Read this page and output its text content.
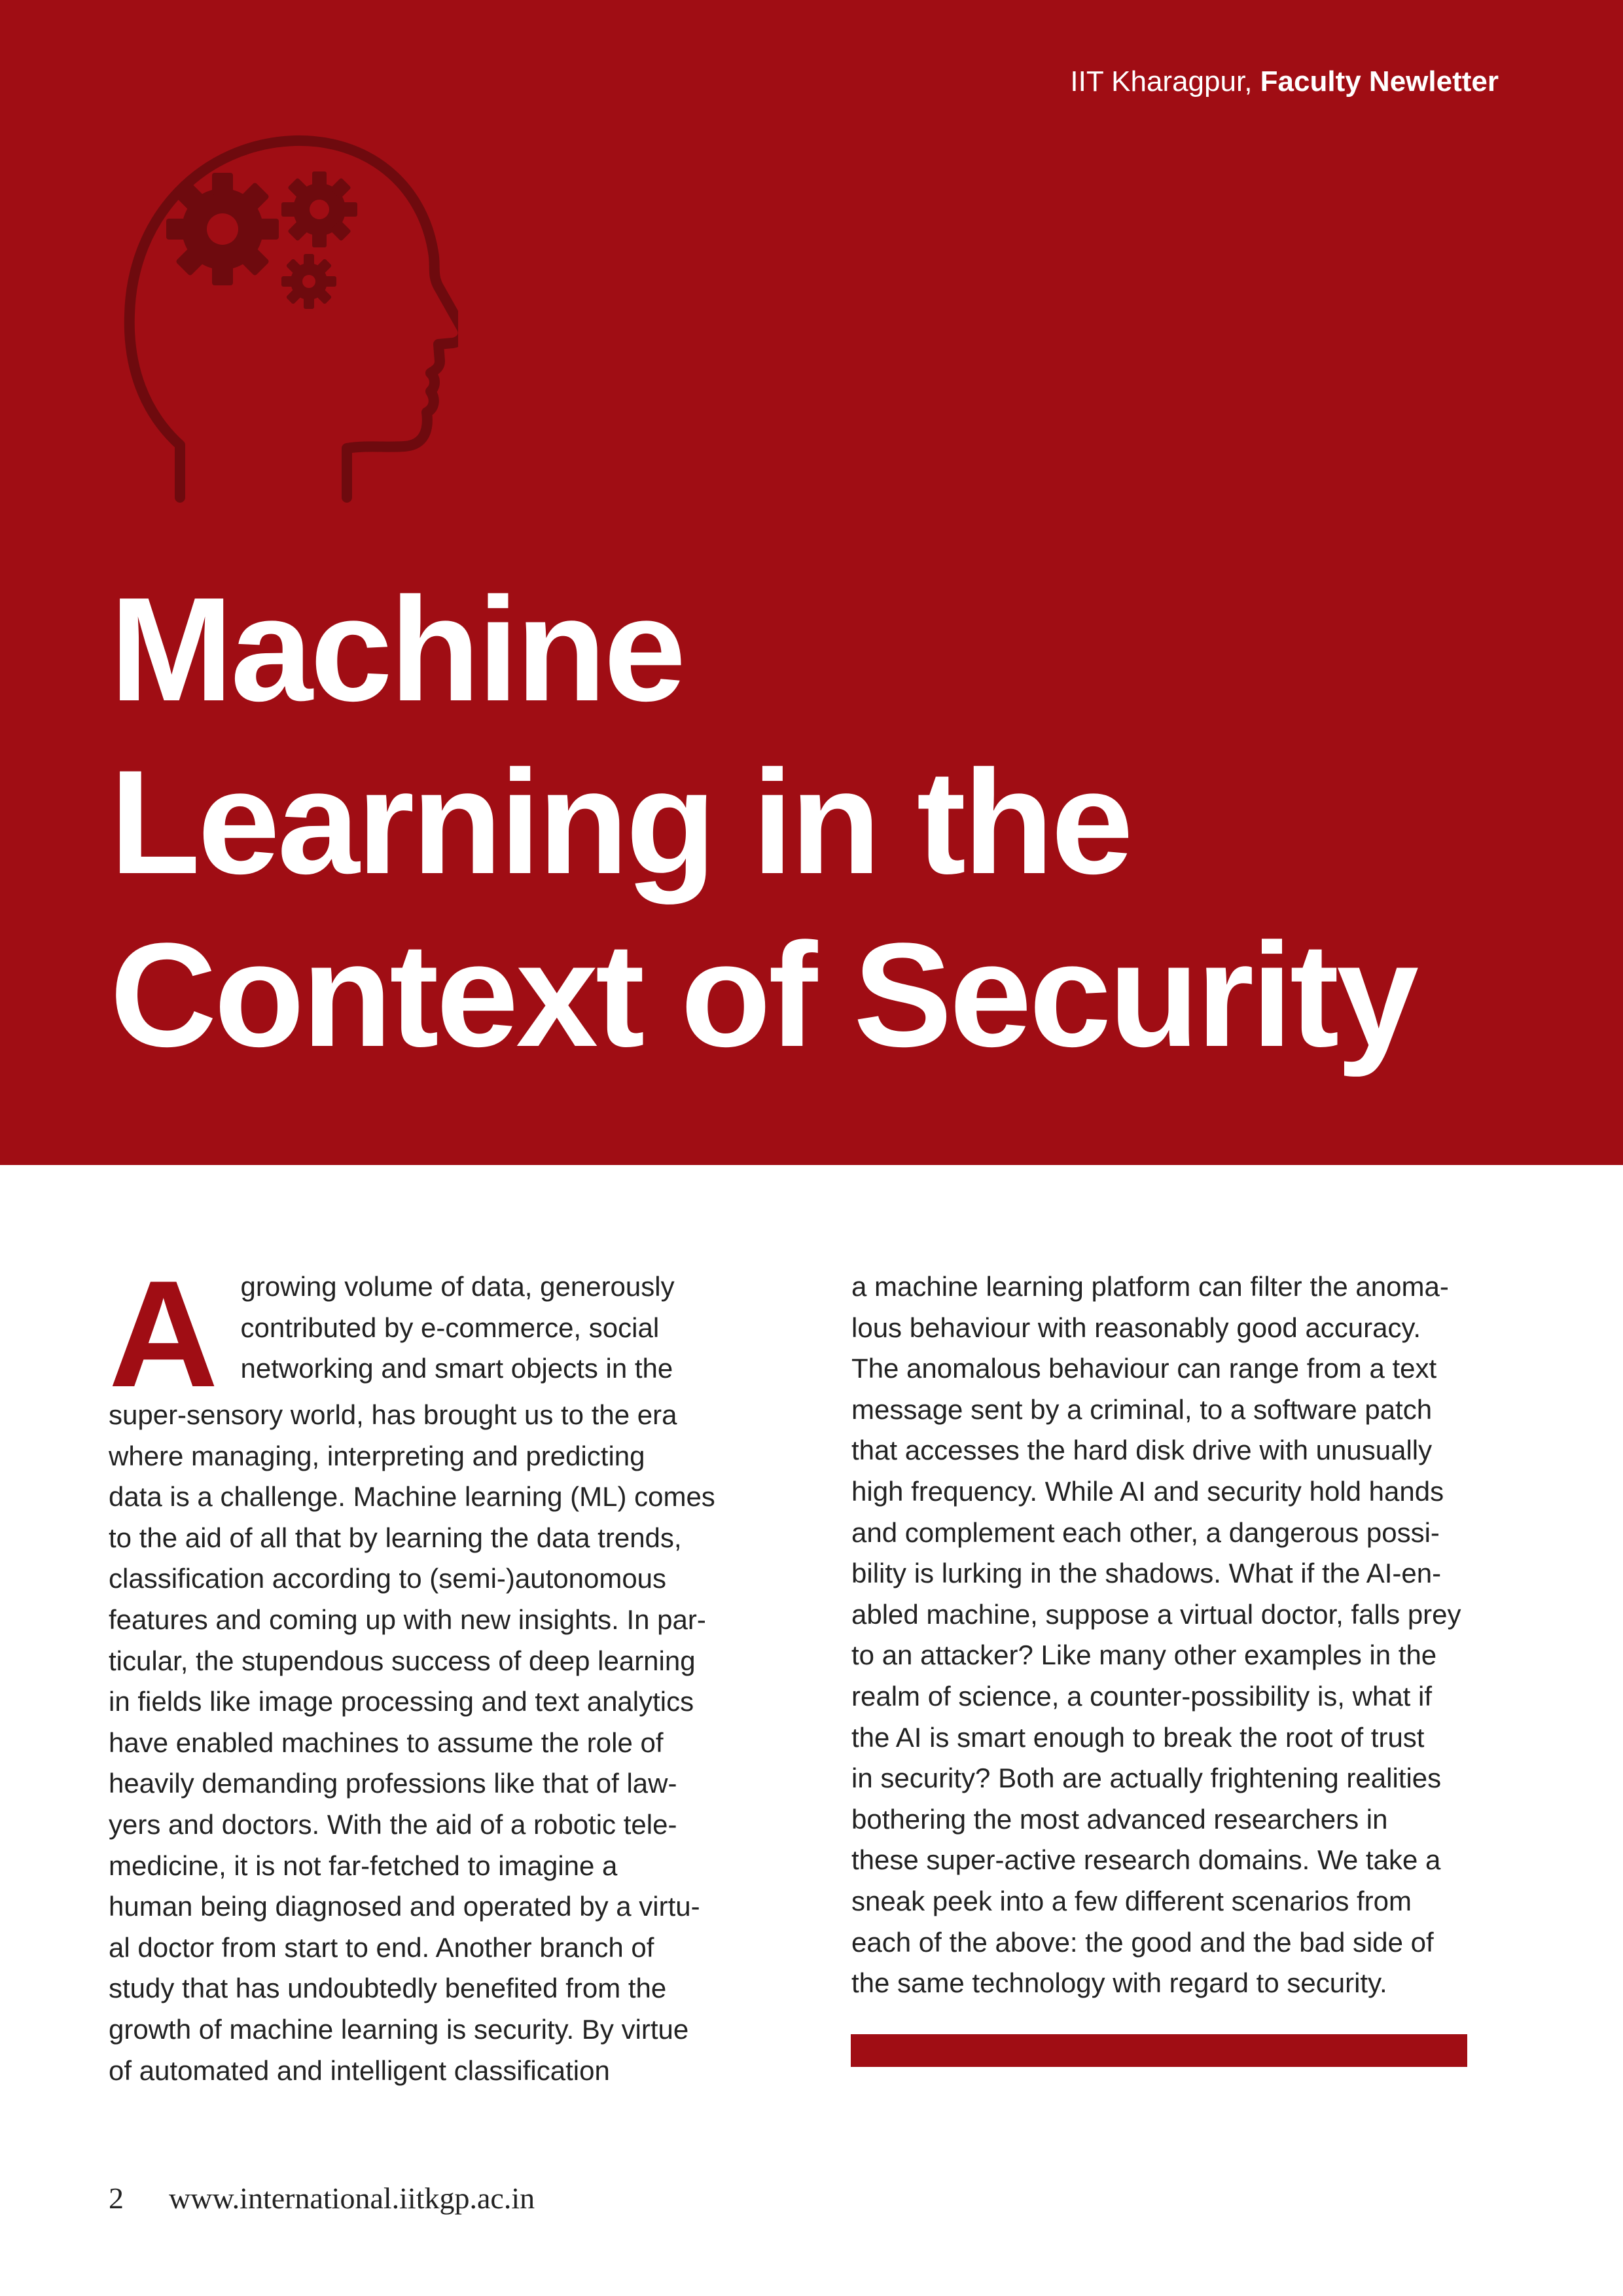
IIT Kharagpur, Faculty Newletter
Machine
Learning in the
Context of Security
A growing volume of data, generously
contributed by e-commerce, social
networking and smart objects in the
super-sensory world, has brought us to the era
where managing, interpreting and predicting
data is a challenge. Machine learning (ML) comes
to the aid of all that by learning the data trends,
classification according to (semi-)autonomous
features and coming up with new insights. In par-
ticular, the stupendous success of deep learning
in fields like image processing and text analytics
have enabled machines to assume the role of
heavily demanding professions like that of law-
yers and doctors. With the aid of a robotic tele-
medicine, it is not far-fetched to imagine a
human being diagnosed and operated by a virtu-
al doctor from start to end. Another branch of
study that has undoubtedly benefited from the
growth of machine learning is security. By virtue
of automated and intelligent classification
a machine learning platform can filter the anoma-
lous behaviour with reasonably good accuracy.
The anomalous behaviour can range from a text
message sent by a criminal, to a software patch
that accesses the hard disk drive with unusually
high frequency. While AI and security hold hands
and complement each other, a dangerous possi-
bility is lurking in the shadows. What if the AI-en-
abled machine, suppose a virtual doctor, falls prey
to an attacker? Like many other examples in the
realm of science, a counter-possibility is, what if
the AI is smart enough to break the root of trust
in security? Both are actually frightening realities
bothering the most advanced researchers in
these super-active research domains. We take a
sneak peek into a few different scenarios from
each of the above: the good and the bad side of
the same technology with regard to security.
2 www.international.iitkgp.ac.in
